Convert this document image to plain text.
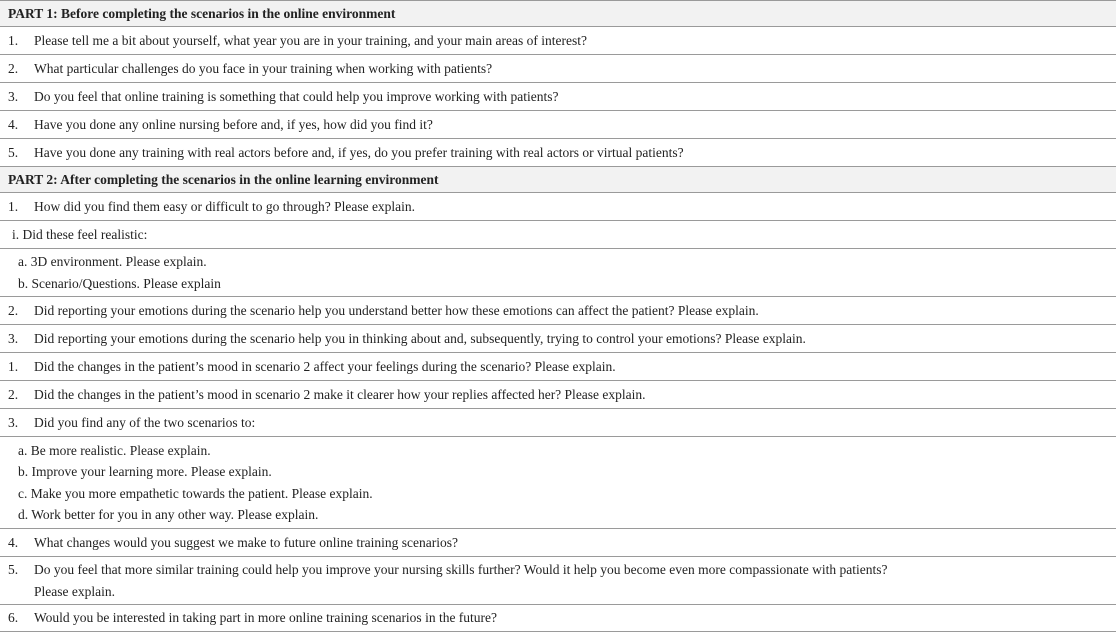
PART 1: Before completing the scenarios in the online environment
1. Please tell me a bit about yourself, what year you are in your training, and your main areas of interest?
2. What particular challenges do you face in your training when working with patients?
3. Do you feel that online training is something that could help you improve working with patients?
4. Have you done any online nursing before and, if yes, how did you find it?
5. Have you done any training with real actors before and, if yes, do you prefer training with real actors or virtual patients?
PART 2: After completing the scenarios in the online learning environment
1. How did you find them easy or difficult to go through? Please explain.
i. Did these feel realistic:
a. 3D environment. Please explain.
b. Scenario/Questions. Please explain
2. Did reporting your emotions during the scenario help you understand better how these emotions can affect the patient? Please explain.
3. Did reporting your emotions during the scenario help you in thinking about and, subsequently, trying to control your emotions? Please explain.
1. Did the changes in the patient’s mood in scenario 2 affect your feelings during the scenario? Please explain.
2. Did the changes in the patient’s mood in scenario 2 make it clearer how your replies affected her? Please explain.
3. Did you find any of the two scenarios to:
a. Be more realistic. Please explain.
b. Improve your learning more. Please explain.
c. Make you more empathetic towards the patient. Please explain.
d. Work better for you in any other way. Please explain.
4. What changes would you suggest we make to future online training scenarios?
5. Do you feel that more similar training could help you improve your nursing skills further? Would it help you become even more compassionate with patients?
Please explain.
6. Would you be interested in taking part in more online training scenarios in the future?
